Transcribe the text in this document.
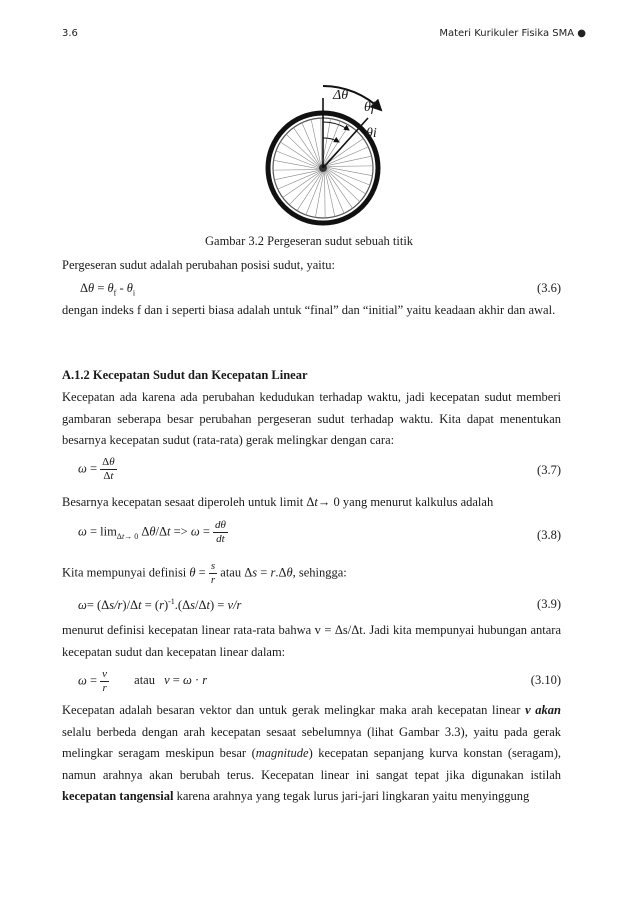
3.6	Materi Kurikuler Fisika SMA ●
Δθ
θf
θi
Gambar 3.2 Pergeseran sudut sebuah titik
Pergeseran sudut adalah perubahan posisi sudut, yaitu:
$\Delta\theta = \theta_f - \theta_i$	(3.6)
dengan indeks f dan i seperti biasa adalah untuk “final” dan “initial” yaitu keadaan akhir dan awal.
A.1.2 Kecepatan Sudut dan Kecepatan Linear
Kecepatan ada karena ada perubahan kedudukan terhadap waktu, jadi kecepatan sudut memberi gambaran seberapa besar perubahan pergeseran sudut terhadap waktu. Kita dapat menentukan besarnya kecepatan sudut (rata-rata) gerak melingkar dengan cara:
$\omega = \frac{\Delta\theta}{\Delta t}$	(3.7)
Besarnya kecepatan sesaat diperoleh untuk limit Δt→ 0 yang menurut kalkulus adalah
$\omega = \lim_{\Delta t\to 0} \Delta\theta/\Delta t => \omega = \frac{d\theta}{dt}$	(3.8)
Kita mempunyai definisi $\theta = \frac{s}{r}$ atau Δs = r.Δθ, sehingga:
$\omega= (\Delta s/r)/\Delta t = (r)^{-1}.(\Delta s/\Delta t) = v/r$	(3.9)
menurut definisi kecepatan linear rata-rata bahwa v = Δs/Δt. Jadi kita mempunyai hubungan antara kecepatan sudut dan kecepatan linear dalam:
$\omega = \frac{v}{r}$ atau v = ω · r	(3.10)
Kecepatan adalah besaran vektor dan untuk gerak melingkar maka arah kecepatan linear v akan selalu berbeda dengan arah kecepatan sesaat sebelumnya (lihat Gambar 3.3), yaitu pada gerak melingkar seragam meskipun besar (magnitude) kecepatan sepanjang kurva konstan (seragam), namun arahnya akan berubah terus. Kecepatan linear ini sangat tepat jika digunakan istilah kecepatan tangensial karena arahnya yang tegak lurus jari-jari lingkaran yaitu menyinggung
